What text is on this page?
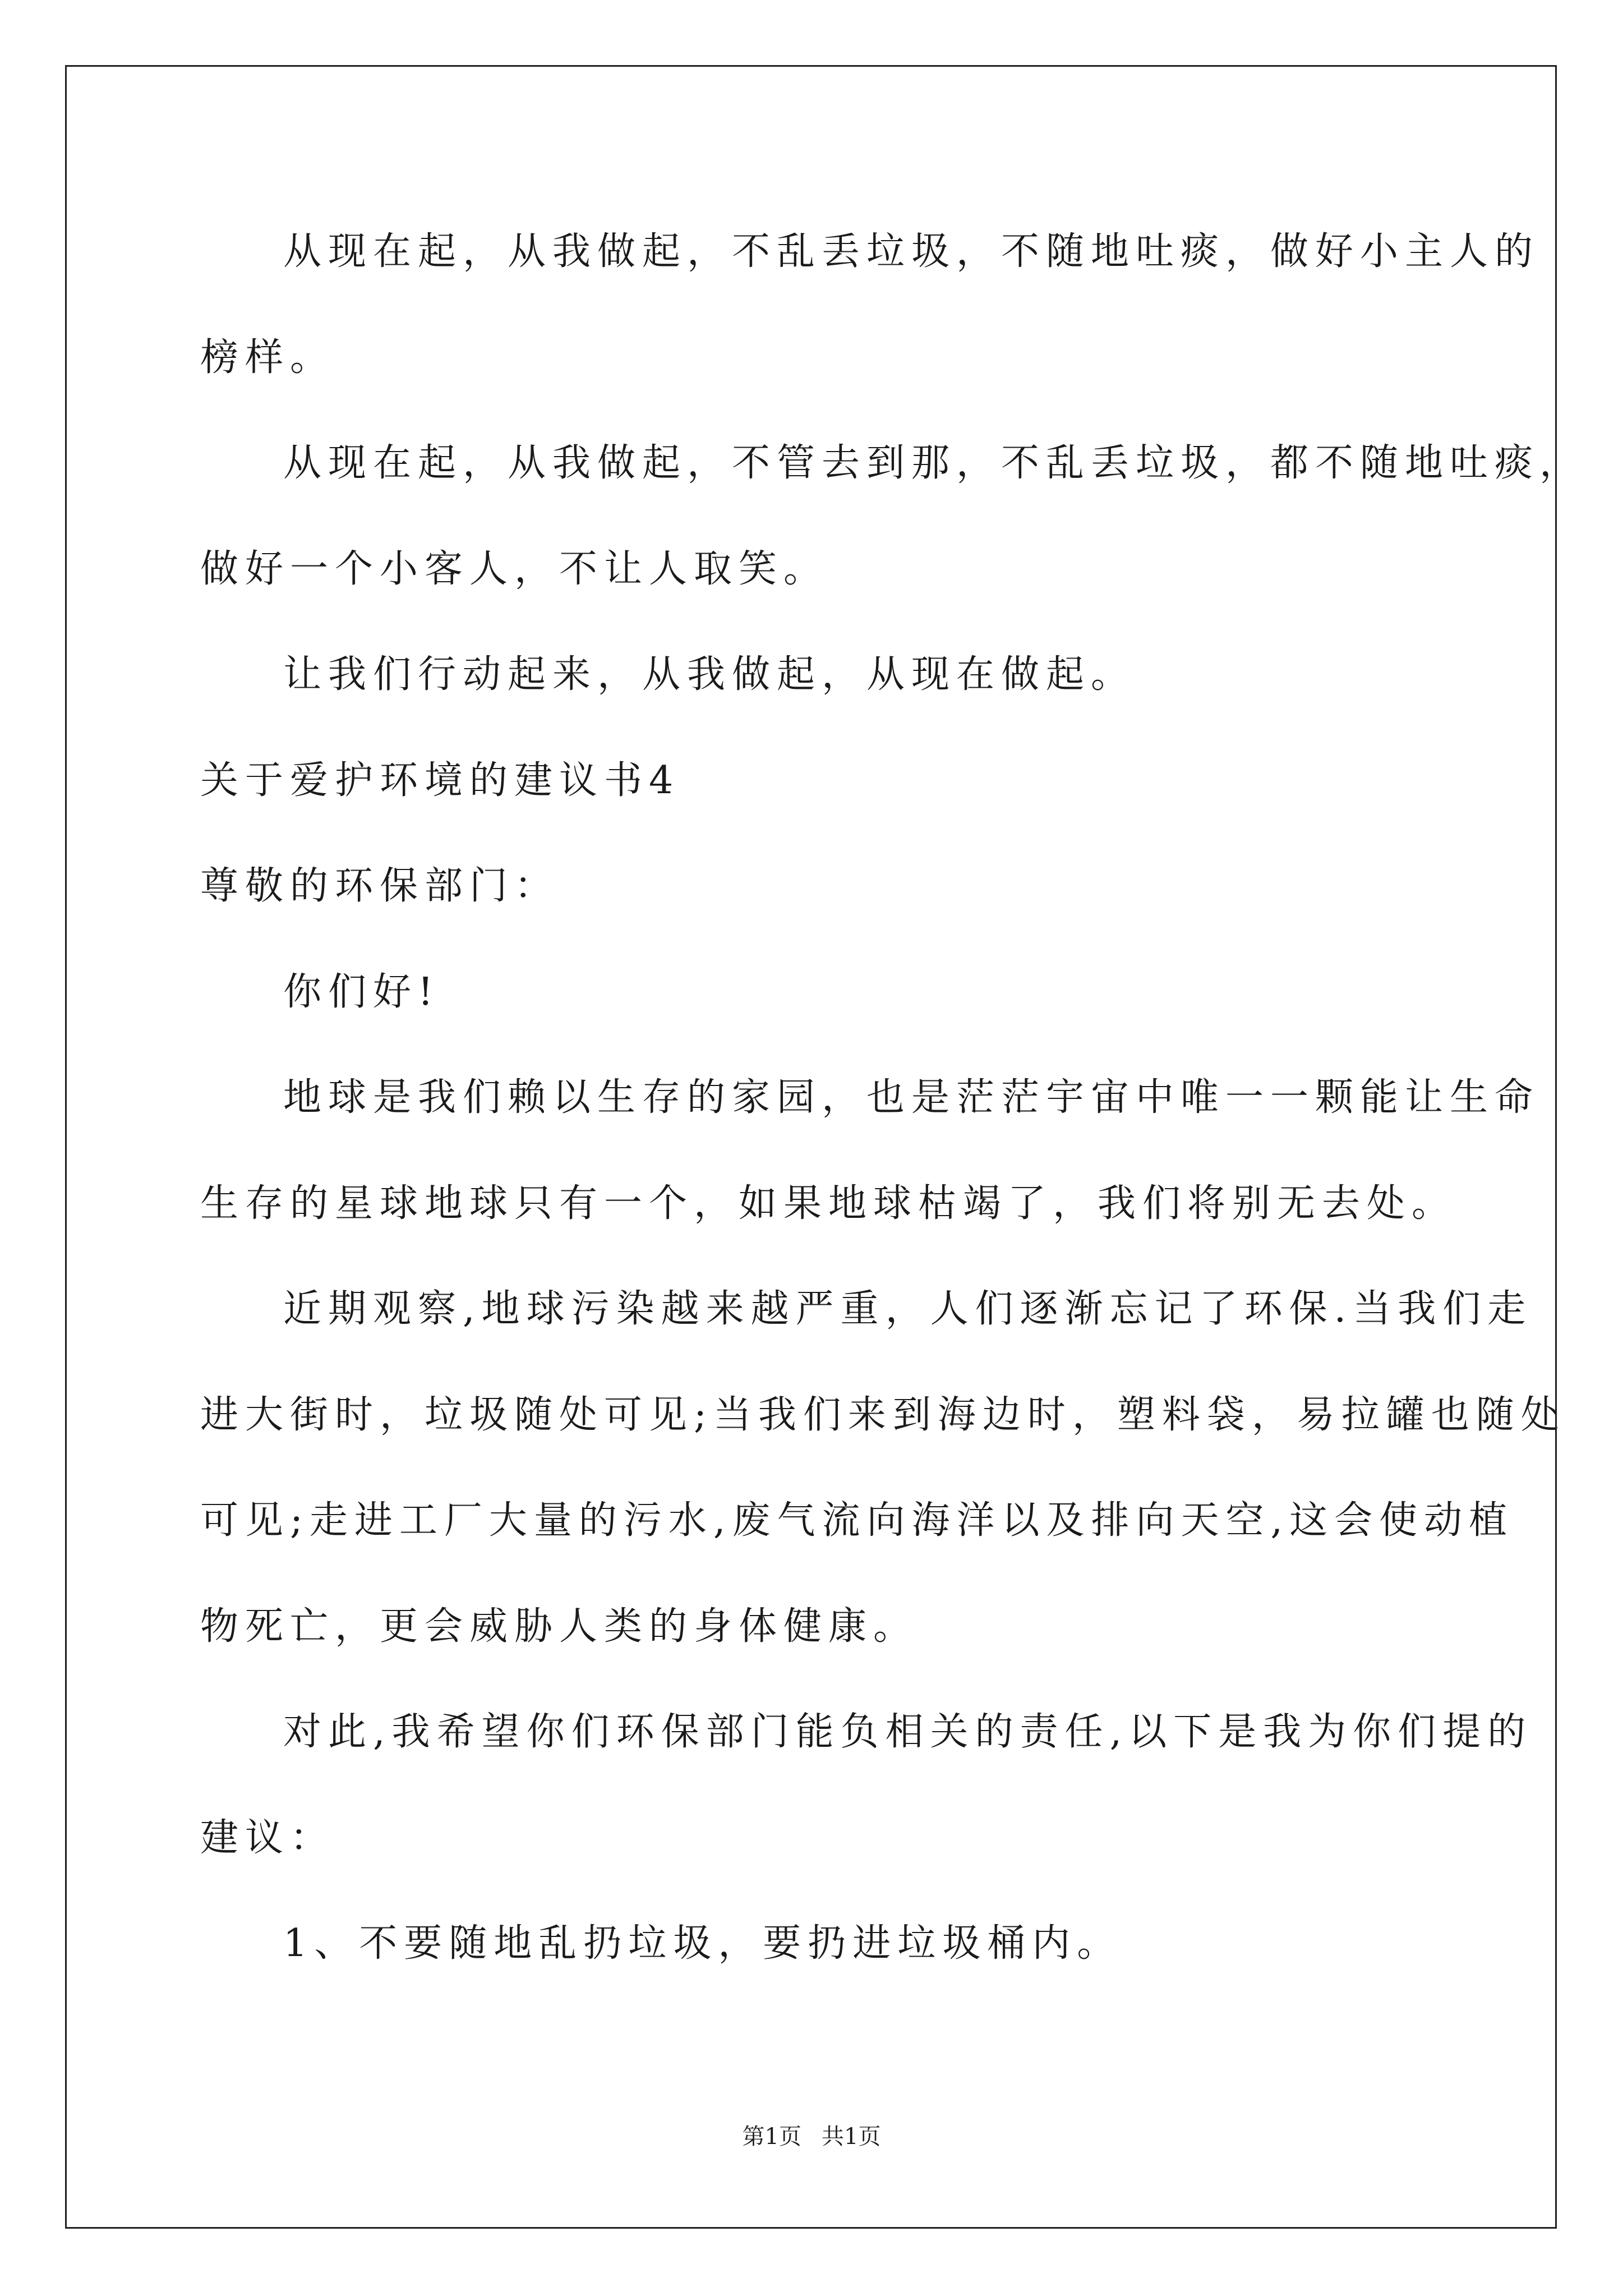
从现在起，从我做起，不乱丢垃圾，不随地吐痰，做好小主人的
榜样。
从现在起，从我做起，不管去到那，不乱丢垃圾，都不随地吐痰，
做好一个小客人，不让人取笑。
让我们行动起来，从我做起，从现在做起。
关于爱护环境的建议书4
尊敬的环保部门：
你们好!
地球是我们赖以生存的家园，也是茫茫宇宙中唯一一颗能让生命
生存的星球地球只有一个，如果地球枯竭了，我们将别无去处。
近期观察,地球污染越来越严重，人们逐渐忘记了环保.当我们走
进大街时，垃圾随处可见;当我们来到海边时，塑料袋，易拉罐也随处
可见;走进工厂大量的污水,废气流向海洋以及排向天空,这会使动植
物死亡，更会威胁人类的身体健康。
对此,我希望你们环保部门能负相关的责任,以下是我为你们提的
建议：
1、不要随地乱扔垃圾，要扔进垃圾桶内。
第1页 共1页
